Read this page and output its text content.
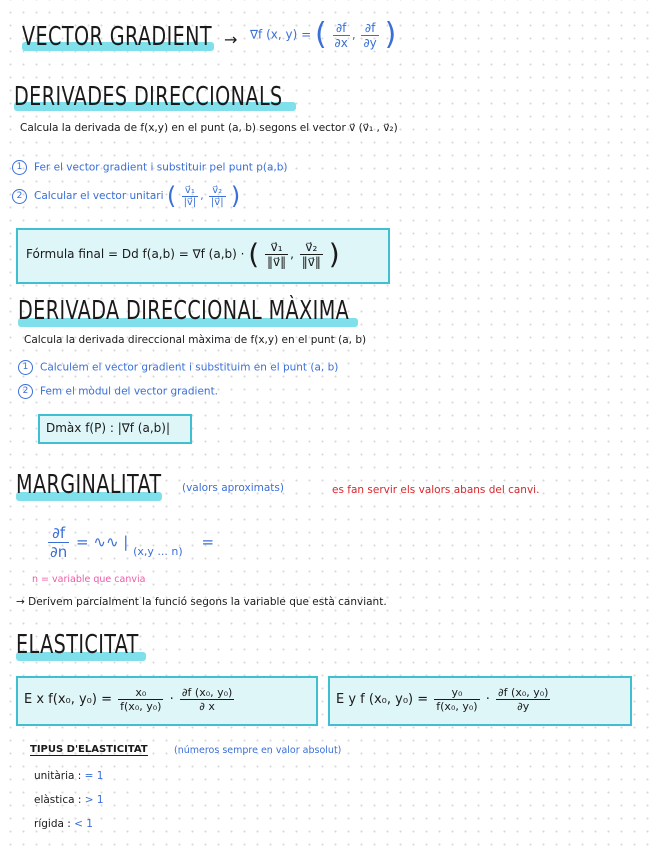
VECTOR GRADIENT → ∇f (x, y) = ( $\frac{\partial f}{\partial x}$ , $\frac{\partial f}{\partial y}$ )
DERIVADES DIRECCIONALS
Calcula la derivada de f(x,y) en el punt (a, b) segons el vector v⃗ (v⃗₁ , v⃗₂)
1 Fer el vector gradient i substituir pel punt p(a,b)
2 Calcular el vector unitari ( $\frac{\text{v⃗₁}}{|v⃗|}$ , $\frac{\text{v⃗₂}}{|v⃗|}$ )
Fórmula final = Dd f(a,b) = ∇f (a,b) · ( $\frac{\text{v⃗₁}}{‖v⃗‖}$ , $\frac{\text{v⃗₂}}{‖v⃗‖}$ )
DERIVADA DIRECCIONAL MÀXIMA
Calcula la derivada direccional màxima de f(x,y) en el punt (a, b)
1 Calculem el vector gradient i substituim en el punt (a, b)
2 Fem el mòdul del vector gradient.
Dmàx f(P) : |∇f (a,b)|
MARGINALITAT (valors aproximats)	es fan servir els valors abans del canvi.
$\frac{\partial f}{\partial n}$ = ∿∿ | $_{(x,y ... n)}$ =
n = variable que canvia
→ Derivem parcialment la funció segons la variable que està canviant.
ELASTICITAT
E x f(x₀, $y_0) = \frac{\text{x₀}}{\text{f(x₀, y₀)}} \cdot \frac{\text{∂f (x₀, y₀)}}{\partial x}$	E y f (x₀, $y_0) = \frac{\text{y₀}}{\text{f(x₀, y₀)}} \cdot \frac{\text{∂f (x₀, y₀)}}{\partial y}$
TIPUS D'ELASTICITAT	(números sempre en valor absolut)
unitària : = 1
elàstica : > 1
rígida : < 1
